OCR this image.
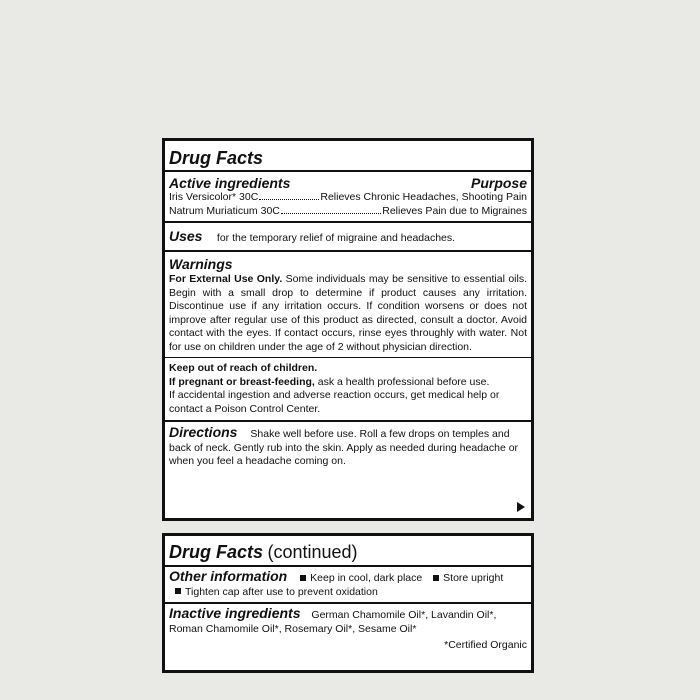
Drug Facts
Active ingredients	Purpose
Iris Versicolor* 30C	Relieves Chronic Headaches, Shooting Pain
Natrum Muriaticum 30C	Relieves Pain due to Migraines
Uses for the temporary relief of migraine and headaches.
Warnings
For External Use Only. Some individuals may be sensitive to essential oils. Begin with a small drop to determine if product causes any irritation. Discontinue use if any irritation occurs. If condition worsens or does not improve after regular use of this product as directed, consult a doctor. Avoid contact with the eyes. If contact occurs, rinse eyes throughly with water. Not for use on children under the age of 2 without physician direction.
Keep out of reach of children.
If pregnant or breast-feeding, ask a health professional before use.
If accidental ingestion and adverse reaction occurs, get medical help or contact a Poison Control Center.
Directions Shake well before use. Roll a few drops on temples and back of neck. Gently rub into the skin. Apply as needed during headache or when you feel a headache coming on.
Drug Facts (continued)
Other information Keep in cool, dark place Store upright
Tighten cap after use to prevent oxidation
Inactive ingredients German Chamomile Oil*, Lavandin Oil*, Roman Chamomile Oil*, Rosemary Oil*, Sesame Oil*
*Certified Organic
